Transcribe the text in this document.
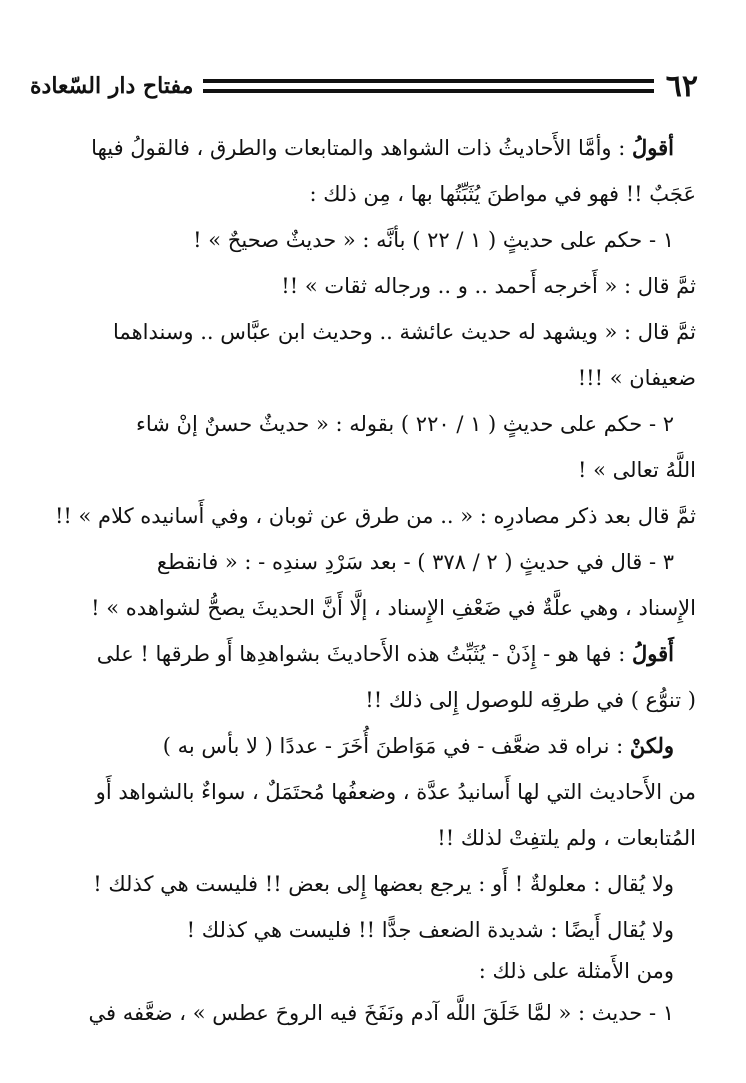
مفتاح دار السّعادة	٦٢
أقولُ : وأمَّا الأَحاديثُ ذات الشواهد والمتابعات والطرق ، فالقولُ فيها
عَجَبٌ !! فهو في مواطنَ يُثَبِّتُها بها ، مِن ذلك :
١ - حكم على حديثٍ ( ١ / ٢٢ ) بأنَّه : « حديثٌ صحيحٌ » !
ثمَّ قال : « أَخرجه أَحمد .. و .. ورجاله ثقات » !!
ثمَّ قال : « ويشهد له حديث عائشة .. وحديث ابن عبَّاس .. وسنداهما
ضعيفان » !!!
٢ - حكم على حديثٍ ( ١ / ٢٢٠ ) بقوله : « حديثٌ حسنٌ إنْ شاء
اللَّهُ تعالى » !
ثمَّ قال بعد ذكر مصادرِه : « .. من طرق عن ثوبان ، وفي أَسانيده كلام » !!
٣ - قال في حديثٍ ( ٢ / ٣٧٨ ) - بعد سَرْدِ سندِه - : « فانقطع
الإِسناد ، وهي علَّةٌ في ضَعْفِ الإِسناد ، إلَّا أَنَّ الحديثَ يصحُّ لشواهده » !
أَقولُ : فها هو - إِذَنْ - يُثَبِّتُ هذه الأَحاديثَ بشواهدِها أَو طرقها ! على
( تنوُّع ) في طرقِه للوصول إِلى ذلك !!
ولكنْ : نراه قد ضعَّف - في مَوَاطنَ أُخَرَ - عددًا ( لا بأس به )
من الأَحاديث التي لها أَسانيدُ عدَّة ، وضعفُها مُحتَمَلٌ ، سواءٌ بالشواهد أَو
المُتابعات ، ولم يلتفِتْ لذلك !!
ولا يُقال : معلولةٌ ! أَو : يرجع بعضها إِلى بعض !! فليست هي كذلك !
ولا يُقال أَيضًا : شديدة الضعف جدًّا !! فليست هي كذلك !
ومن الأَمثلة على ذلك :
١ - حديث : « لمَّا خَلَقَ اللَّه آدم ونَفَخَ فيه الروحَ عطس » ، ضعَّفه في
